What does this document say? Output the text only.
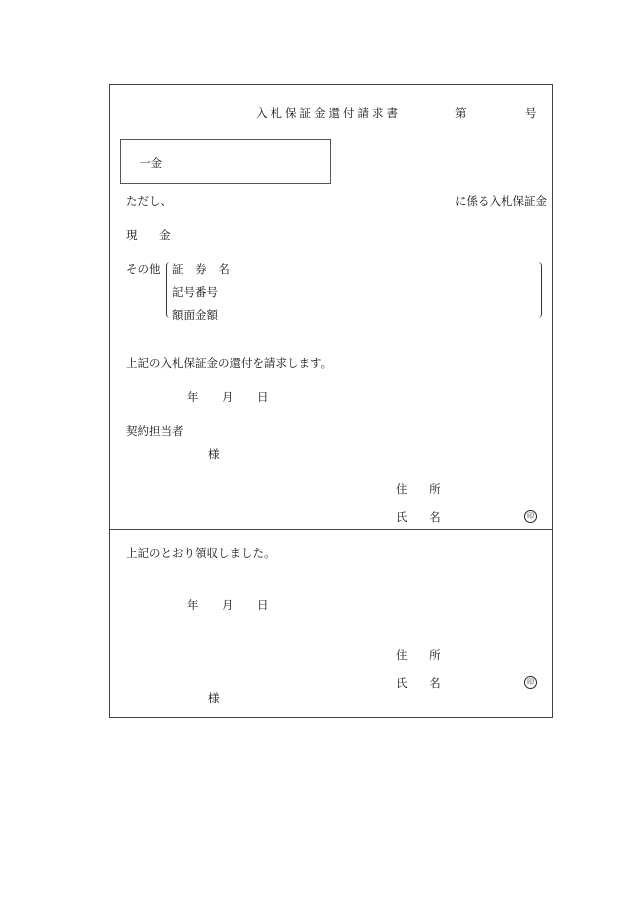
入札保証金還付請求書	第	号
一金
ただし、	に係る入札保証金
現 金
その他 証 券 名
記号番号
額面金額
上記の入札保証金の還付を請求します。
年 月 日
契約担当者
様
住 所
氏 名	印
上記のとおり領収しました。
年 月 日
住 所
氏 名	印
様
